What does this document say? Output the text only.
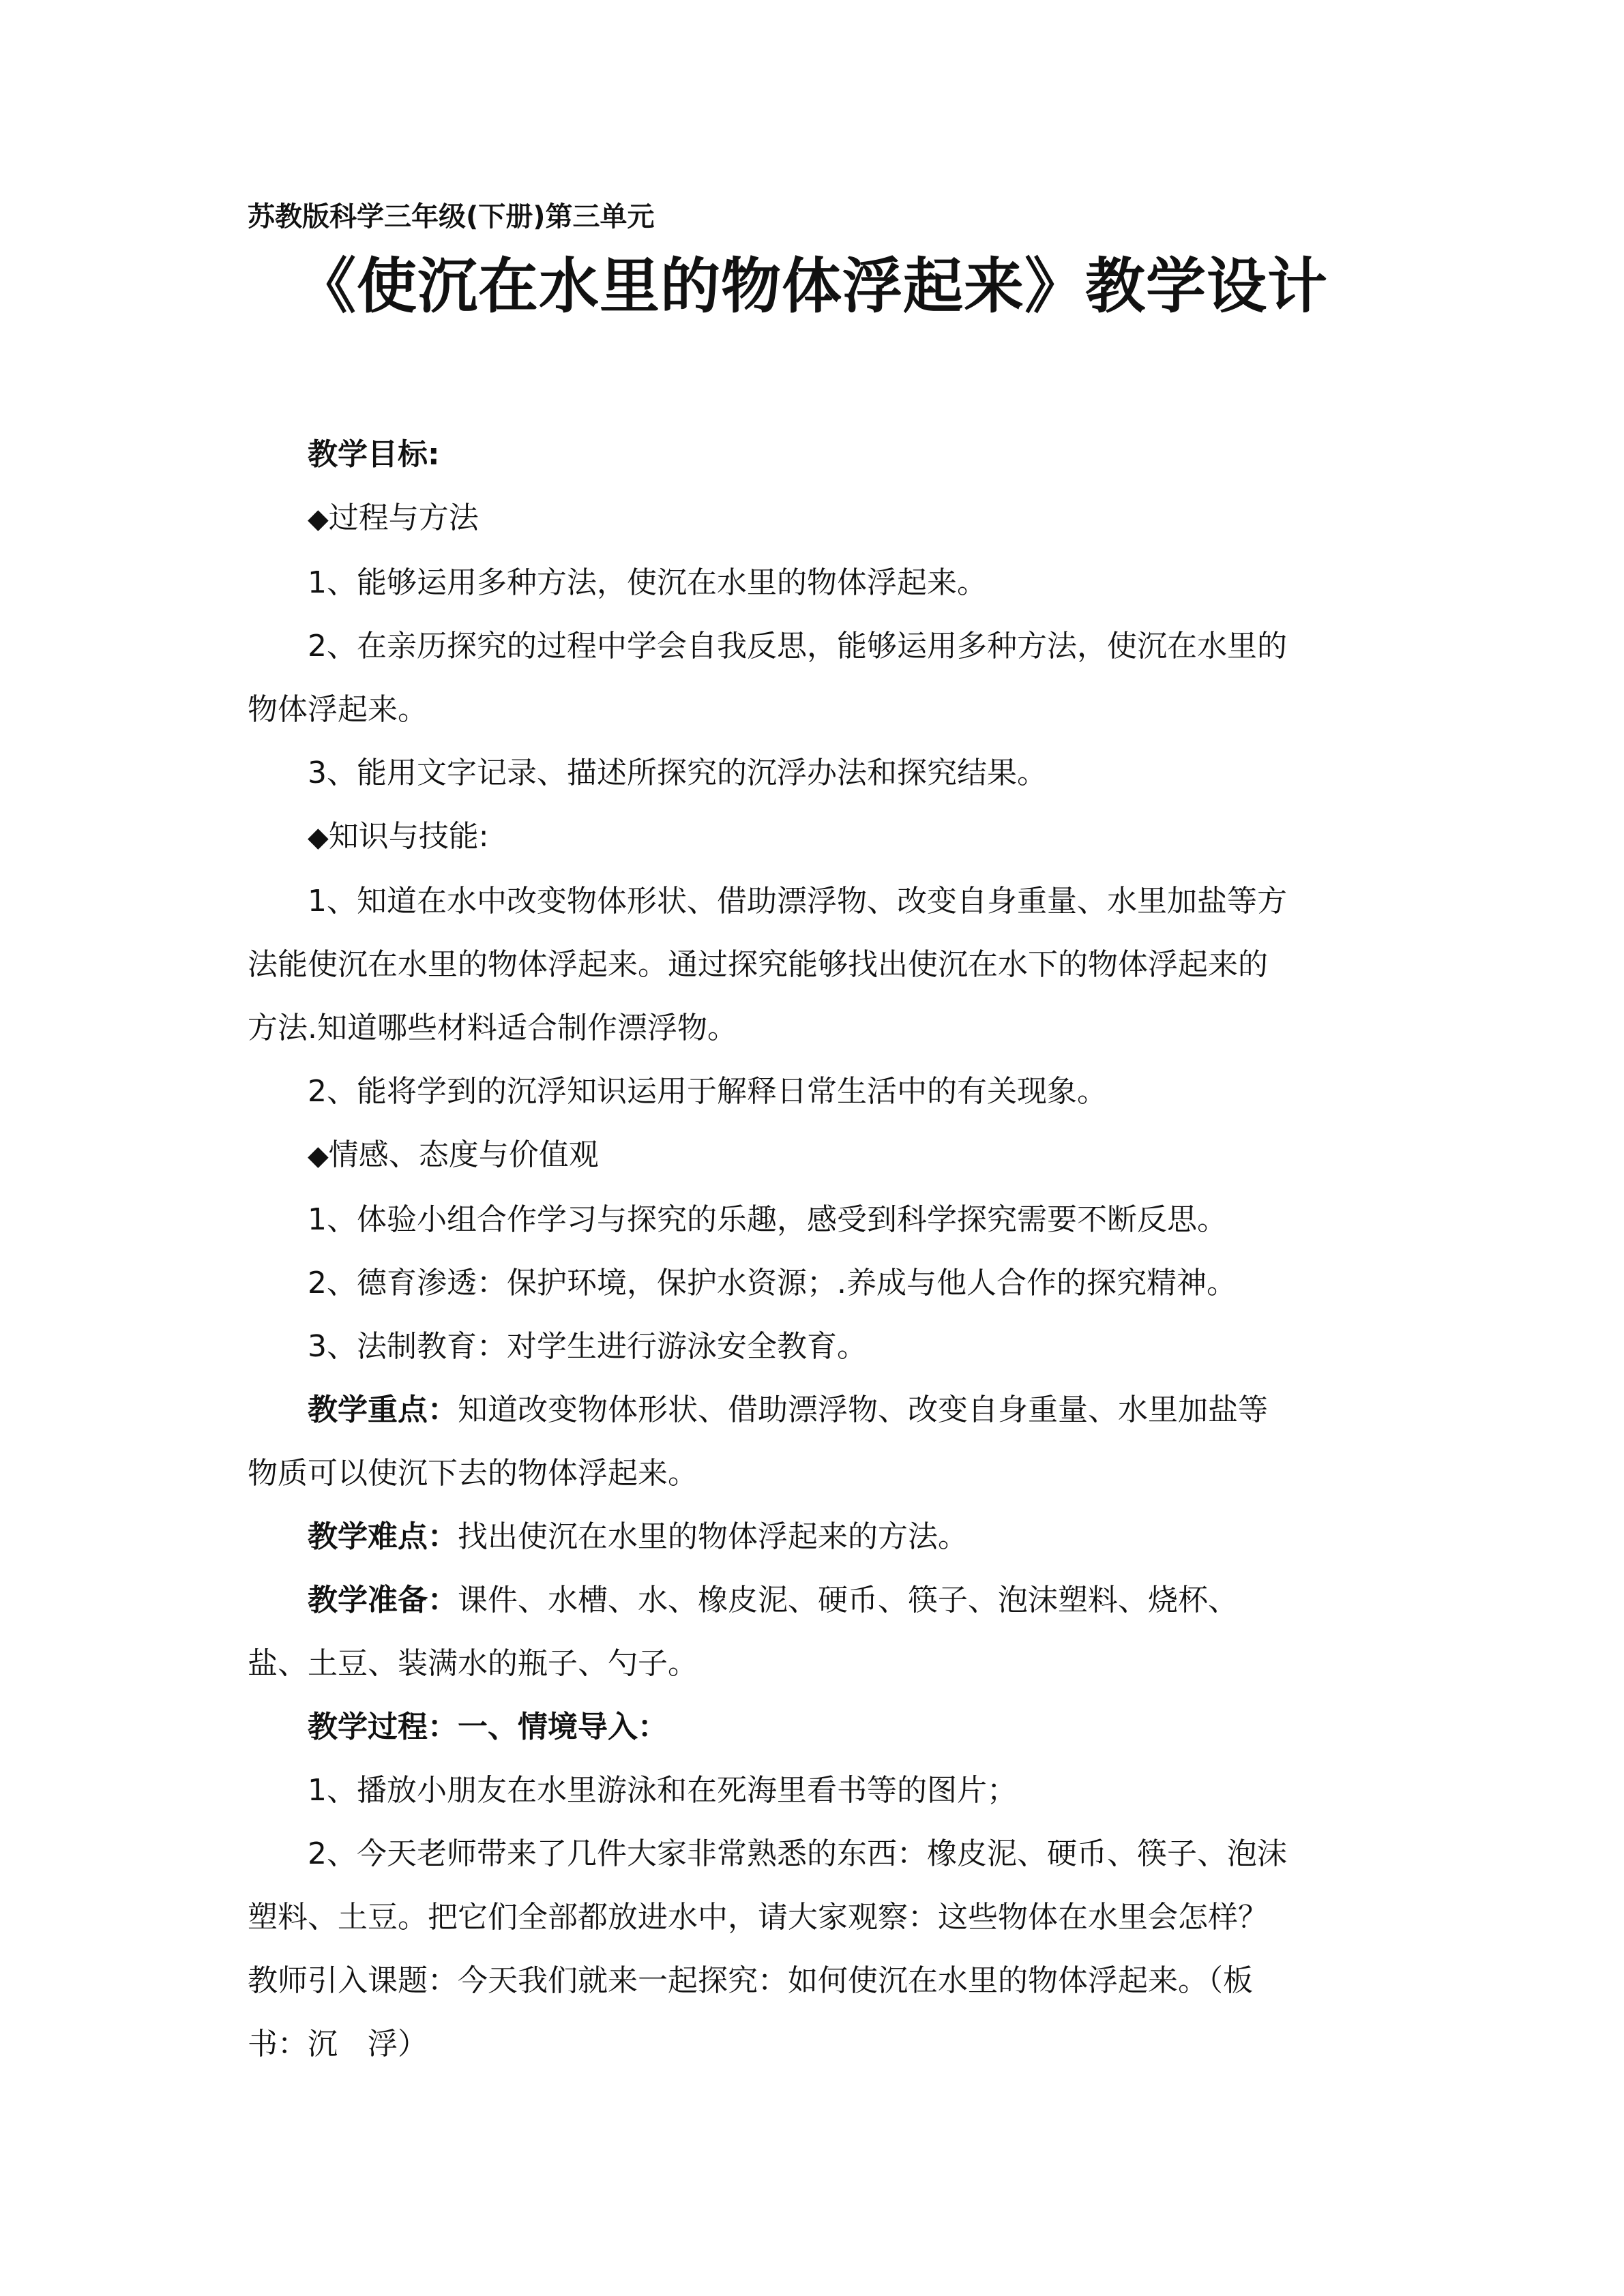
苏教版科学三年级(下册)第三单元
《使沉在水里的物体浮起来》教学设计

教学目标:

◆过程与方法

1、能够运用多种方法，使沉在水里的物体浮起来。

2、在亲历探究的过程中学会自我反思，能够运用多种方法，使沉在水里的

物体浮起来。

3、能用文字记录、描述所探究的沉浮办法和探究结果。

◆知识与技能:

1、知道在水中改变物体形状、借助漂浮物、改变自身重量、水里加盐等方

法能使沉在水里的物体浮起来。通过探究能够找出使沉在水下的物体浮起来的

方法.知道哪些材料适合制作漂浮物。

2、能将学到的沉浮知识运用于解释日常生活中的有关现象。

◆情感、态度与价值观

1、体验小组合作学习与探究的乐趣，感受到科学探究需要不断反思。

2、德育渗透：保护环境，保护水资源；.养成与他人合作的探究精神。

3、法制教育：对学生进行游泳安全教育。

教学重点：知道改变物体形状、借助漂浮物、改变自身重量、水里加盐等

物质可以使沉下去的物体浮起来。

教学难点：找出使沉在水里的物体浮起来的方法。

教学准备：课件、水槽、水、橡皮泥、硬币、筷子、泡沫塑料、烧杯、

盐、土豆、装满水的瓶子、勺子。

教学过程：一、情境导入：

1、播放小朋友在水里游泳和在死海里看书等的图片；

2、今天老师带来了几件大家非常熟悉的东西：橡皮泥、硬币、筷子、泡沫

塑料、土豆。把它们全部都放进水中，请大家观察：这些物体在水里会怎样？

教师引入课题：今天我们就来一起探究：如何使沉在水里的物体浮起来。（板

书：沉　浮）
